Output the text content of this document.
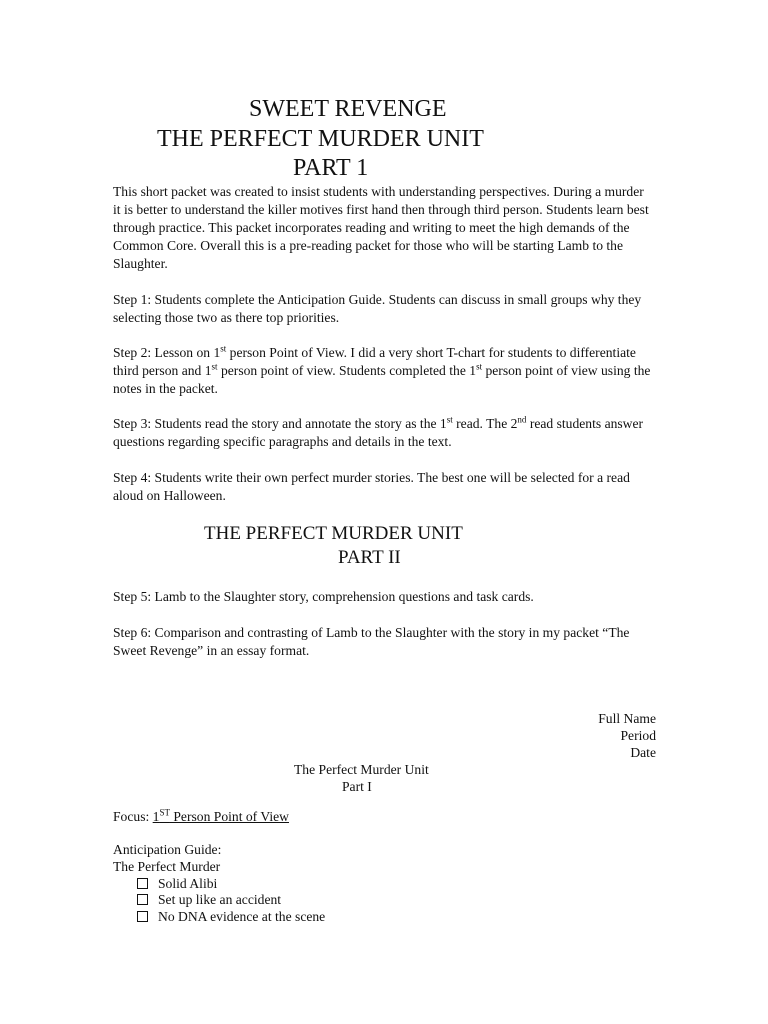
SWEET REVENGE
THE PERFECT MURDER UNIT
PART 1

This short packet was created to insist students with understanding perspectives. During a murder it is better to understand the killer motives first hand then through third person. Students learn best through practice. This packet incorporates reading and writing to meet the high demands of the Common Core. Overall this is a pre-reading packet for those who will be starting Lamb to the Slaughter.

Step 1: Students complete the Anticipation Guide. Students can discuss in small groups why they selecting those two as there top priorities.

Step 2: Lesson on 1st person Point of View. I did a very short T-chart for students to differentiate third person and 1st person point of view. Students completed the 1st person point of view using the notes in the packet.

Step 3: Students read the story and annotate the story as the 1st read. The 2nd read students answer questions regarding specific paragraphs and details in the text.

Step 4: Students write their own perfect murder stories. The best one will be selected for a read aloud on Halloween.

THE PERFECT MURDER UNIT
PART II

Step 5: Lamb to the Slaughter story, comprehension questions and task cards.

Step 6: Comparison and contrasting of Lamb to the Slaughter with the story in my packet “The Sweet Revenge” in an essay format.

Full Name
Period
Date
The Perfect Murder Unit
Part I
Focus: 1ST Person Point of View
Anticipation Guide:
The Perfect Murder
Solid Alibi
Set up like an accident
No DNA evidence at the scene
